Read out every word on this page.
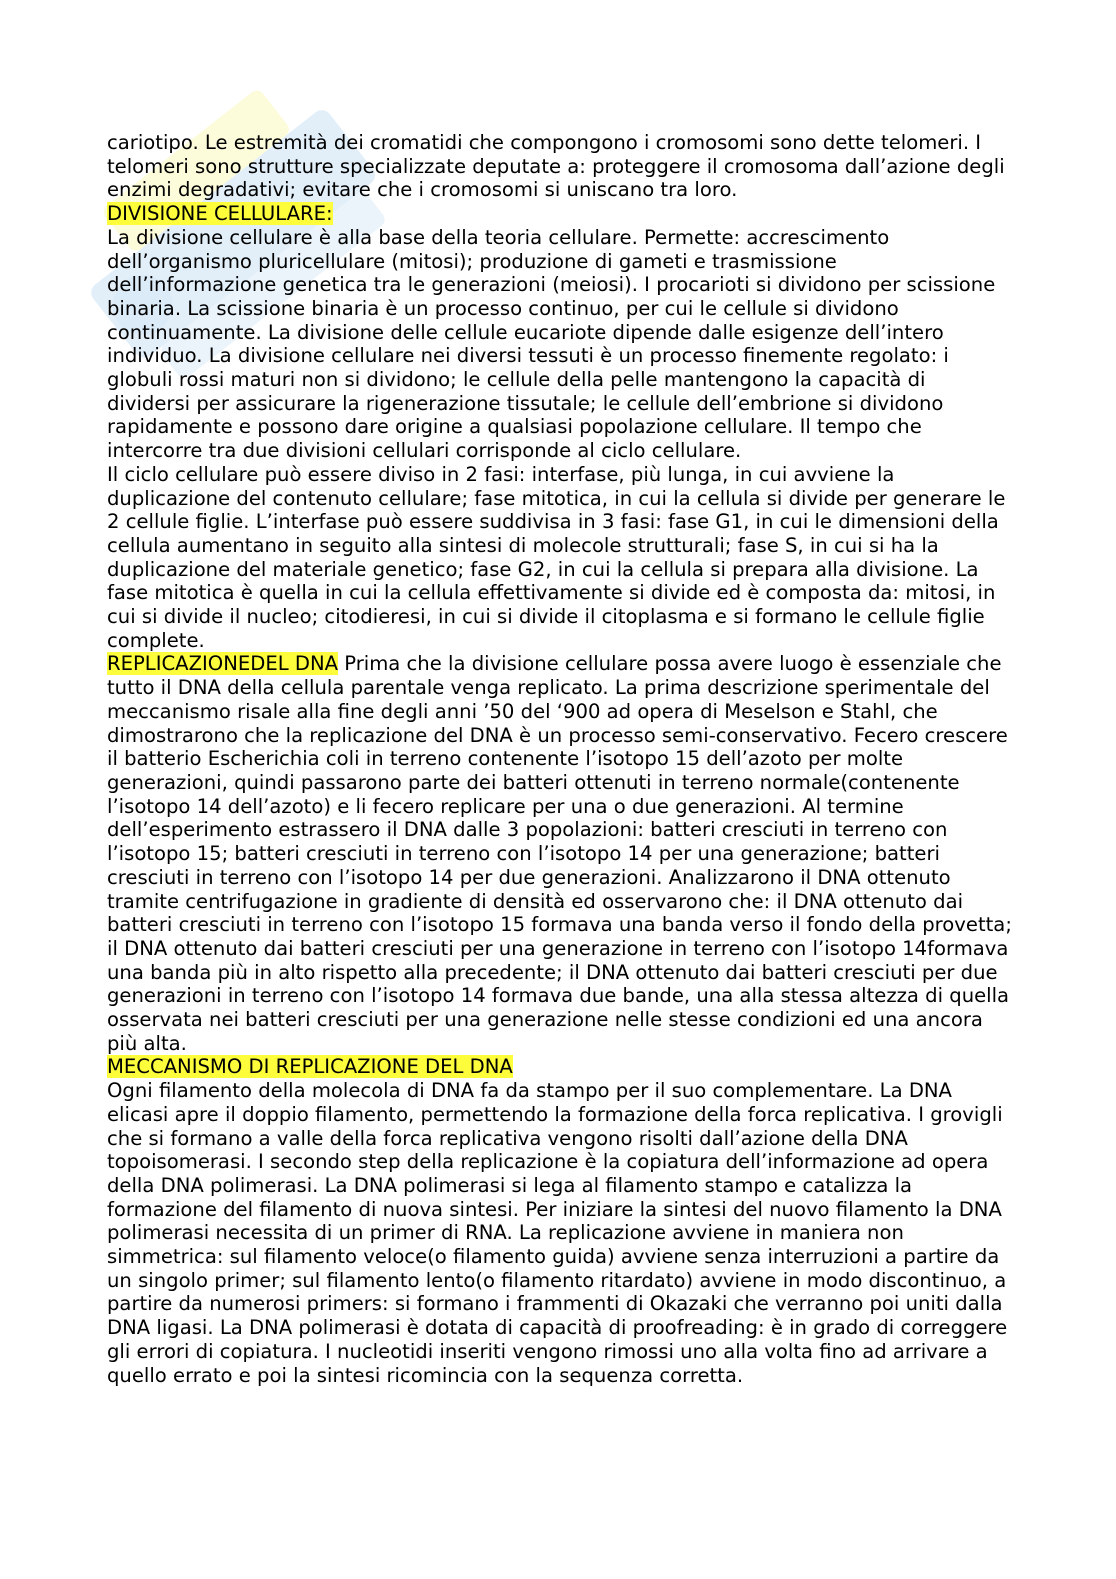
cariotipo. Le estremità dei cromatidi che compongono i cromosomi sono dette telomeri. I telomeri sono strutture specializzate deputate a: proteggere il cromosoma dall’azione degli enzimi degradativi; evitare che i cromosomi si uniscano tra loro.

DIVISIONE CELLULARE:

La divisione cellulare è alla base della teoria cellulare. Permette: accrescimento dell’organismo pluricellulare (mitosi); produzione di gameti e trasmissione dell’informazione genetica tra le generazioni (meiosi). I procarioti si dividono per scissione binaria. La scissione binaria è un processo continuo, per cui le cellule si dividono continuamente. La divisione delle cellule eucariote dipende dalle esigenze dell’intero individuo. La divisione cellulare nei diversi tessuti è un processo finemente regolato: i globuli rossi maturi non si dividono; le cellule della pelle mantengono la capacità di dividersi per assicurare la rigenerazione tissutale; le cellule dell’embrione si dividono rapidamente e possono dare origine a qualsiasi popolazione cellulare. Il tempo che intercorre tra due divisioni cellulari corrisponde al ciclo cellulare.

Il ciclo cellulare può essere diviso in 2 fasi: interfase, più lunga, in cui avviene la duplicazione del contenuto cellulare; fase mitotica, in cui la cellula si divide per generare le 2 cellule figlie. L’interfase può essere suddivisa in 3 fasi: fase G1, in cui le dimensioni della cellula aumentano in seguito alla sintesi di molecole strutturali; fase S, in cui si ha la duplicazione del materiale genetico; fase G2, in cui la cellula si prepara alla divisione. La fase mitotica è quella in cui la cellula effettivamente si divide ed è composta da: mitosi, in cui si divide il nucleo; citodieresi, in cui si divide il citoplasma e si formano le cellule figlie complete.

REPLICAZIONEDEL DNA Prima che la divisione cellulare possa avere luogo è essenziale che tutto il DNA della cellula parentale venga replicato. La prima descrizione sperimentale del meccanismo risale alla fine degli anni ’50 del ‘900 ad opera di Meselson e Stahl, che dimostrarono che la replicazione del DNA è un processo semi-conservativo. Fecero crescere il batterio Escherichia coli in terreno contenente l’isotopo 15 dell’azoto per molte generazioni, quindi passarono parte dei batteri ottenuti in terreno normale(contenente l’isotopo 14 dell’azoto) e li fecero replicare per una o due generazioni. Al termine dell’esperimento estrassero il DNA dalle 3 popolazioni: batteri cresciuti in terreno con l’isotopo 15; batteri cresciuti in terreno con l’isotopo 14 per una generazione; batteri cresciuti in terreno con l’isotopo 14 per due generazioni. Analizzarono il DNA ottenuto tramite centrifugazione in gradiente di densità ed osservarono che: il DNA ottenuto dai batteri cresciuti in terreno con l’isotopo 15 formava una banda verso il fondo della provetta; il DNA ottenuto dai batteri cresciuti per una generazione in terreno con l’isotopo 14formava una banda più in alto rispetto alla precedente; il DNA ottenuto dai batteri cresciuti per due generazioni in terreno con l’isotopo 14 formava due bande, una alla stessa altezza di quella osservata nei batteri cresciuti per una generazione nelle stesse condizioni ed una ancora più alta.

MECCANISMO DI REPLICAZIONE DEL DNA

Ogni filamento della molecola di DNA fa da stampo per il suo complementare. La DNA elicasi apre il doppio filamento, permettendo la formazione della forca replicativa. I grovigli che si formano a valle della forca replicativa vengono risolti dall’azione della DNA topoisomerasi. I secondo step della replicazione è la copiatura dell’informazione ad opera della DNA polimerasi. La DNA polimerasi si lega al filamento stampo e catalizza la formazione del filamento di nuova sintesi. Per iniziare la sintesi del nuovo filamento la DNA polimerasi necessita di un primer di RNA. La replicazione avviene in maniera non simmetrica: sul filamento veloce(o filamento guida) avviene senza interruzioni a partire da un singolo primer; sul filamento lento(o filamento ritardato) avviene in modo discontinuo, a partire da numerosi primers: si formano i frammenti di Okazaki che verranno poi uniti dalla DNA ligasi. La DNA polimerasi è dotata di capacità di proofreading: è in grado di correggere gli errori di copiatura. I nucleotidi inseriti vengono rimossi uno alla volta fino ad arrivare a quello errato e poi la sintesi ricomincia con la sequenza corretta.
